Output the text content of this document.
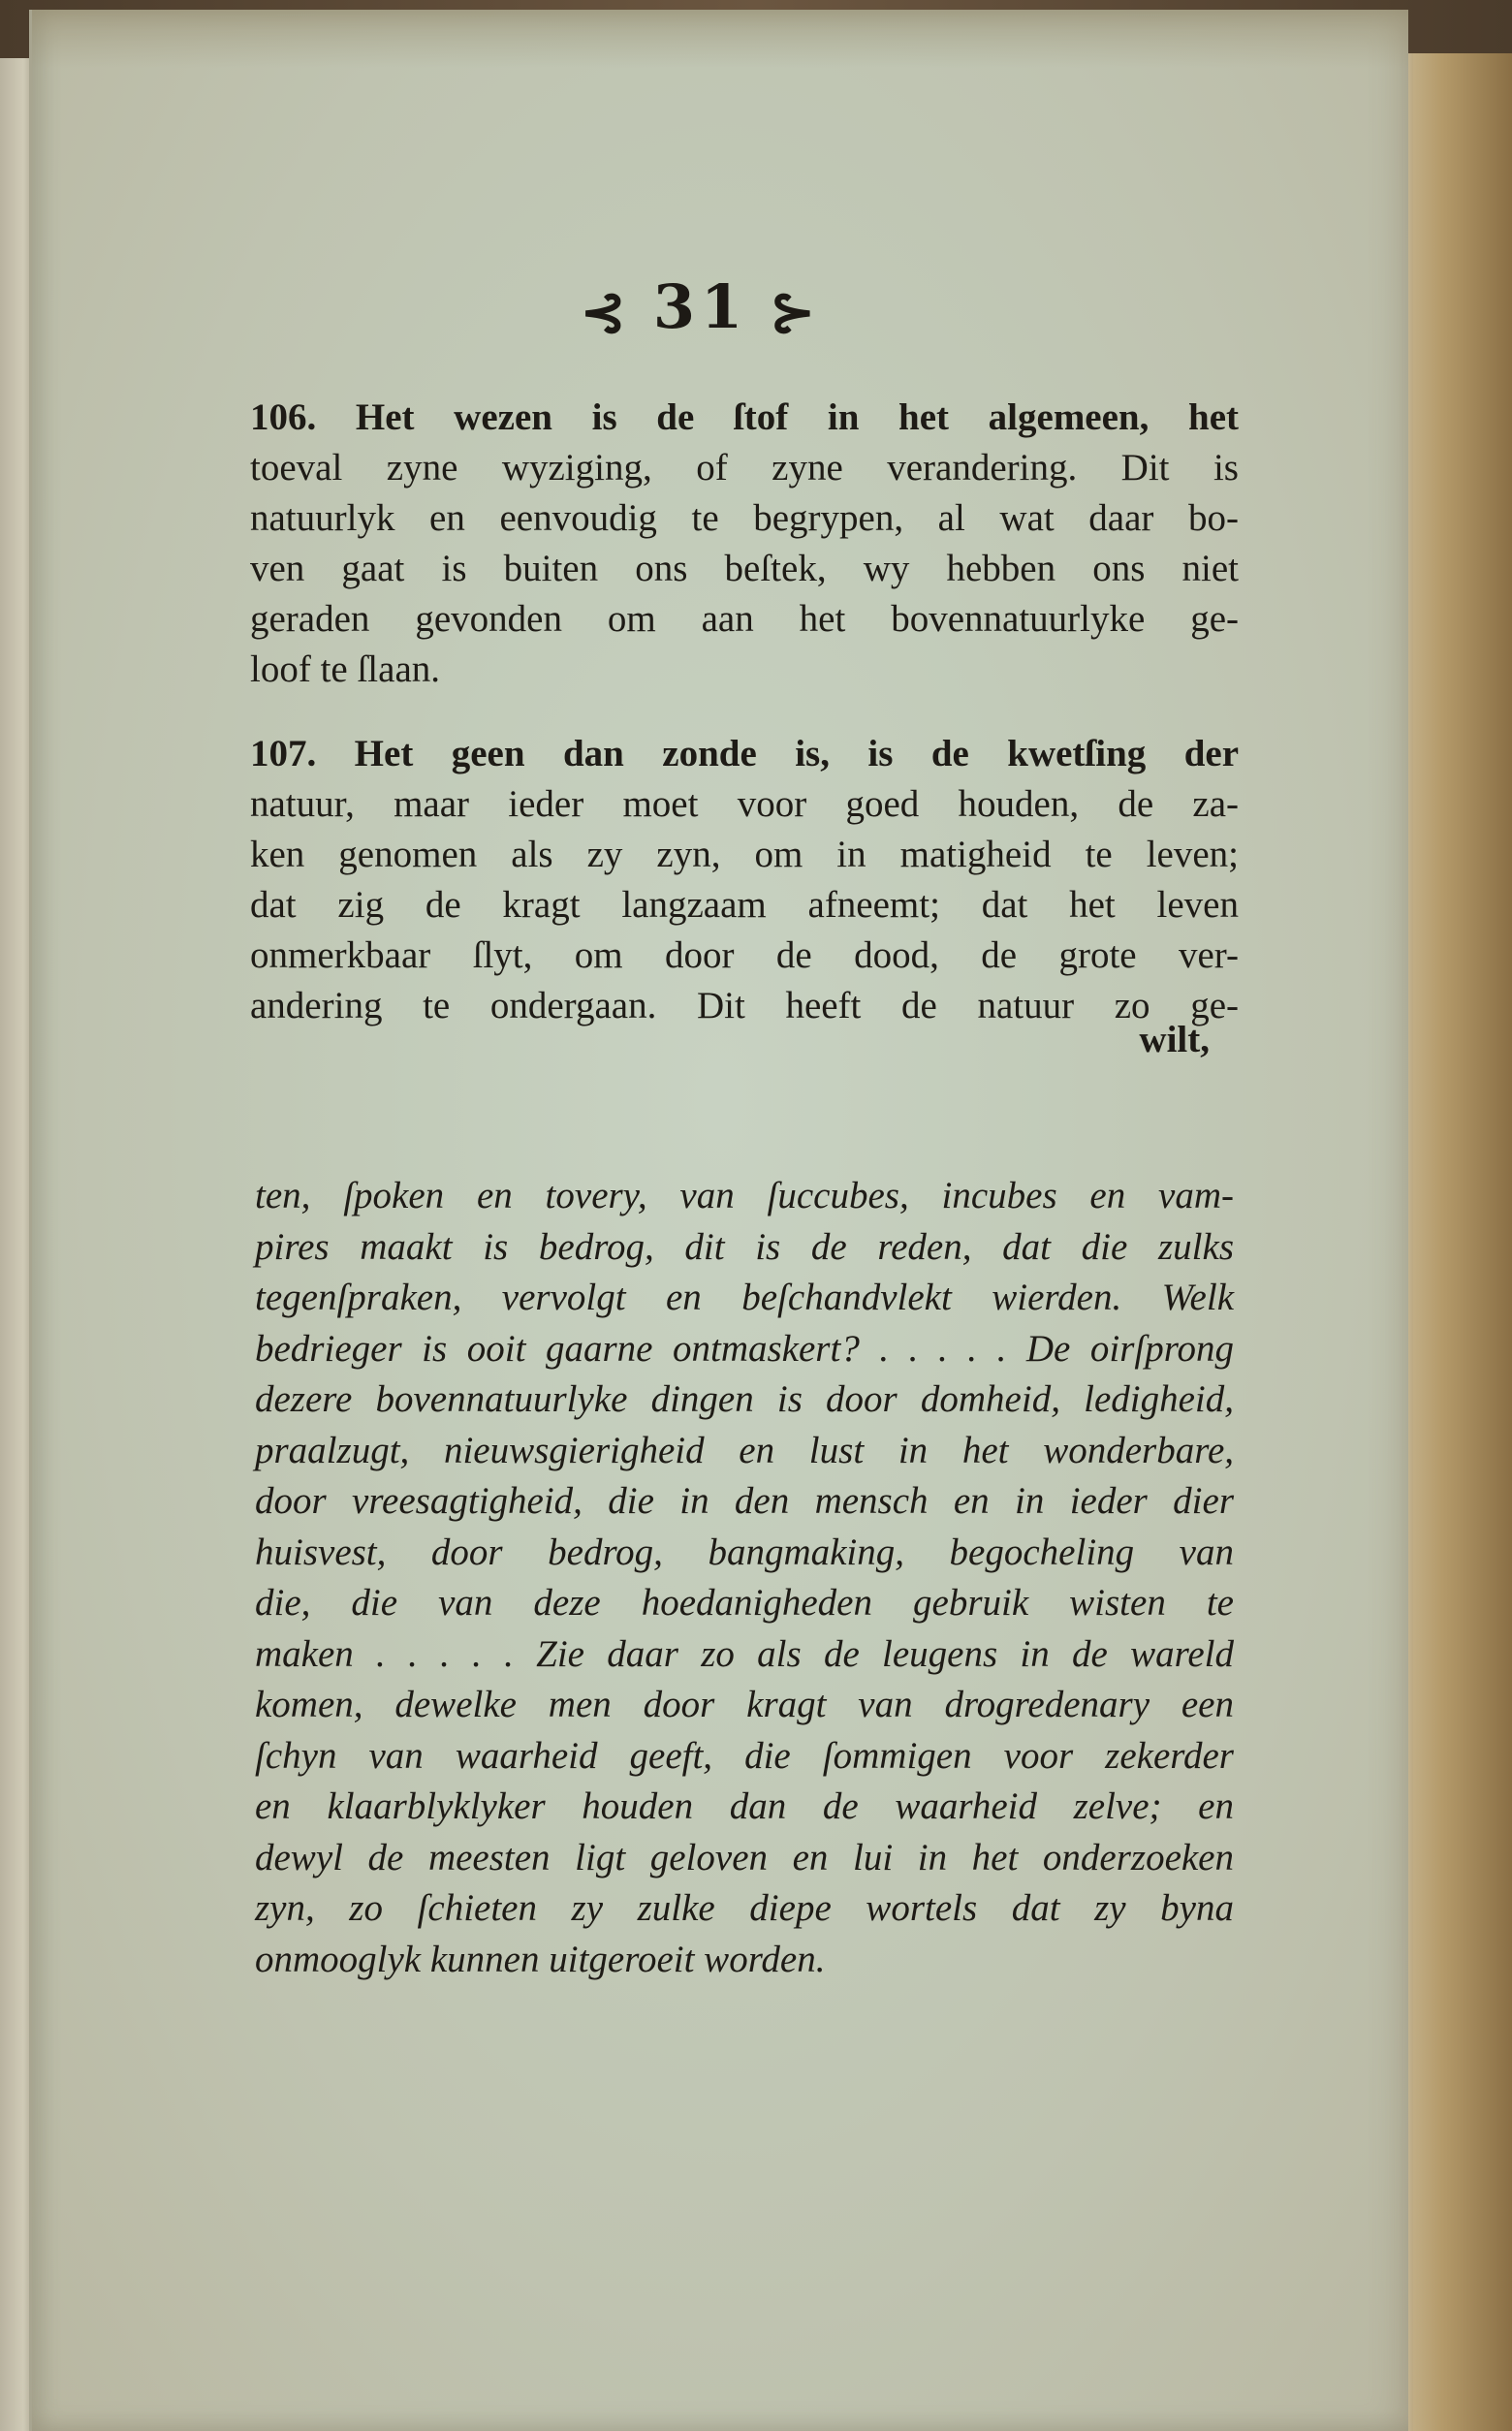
⊰ 31 ⊱
106. Het wezen is de ſtof in het algemeen, het
toeval zyne wyziging, of zyne verandering. Dit is
natuurlyk en eenvoudig te begrypen, al wat daar bo-
ven gaat is buiten ons beſtek, wy hebben ons niet
geraden gevonden om aan het bovennatuurlyke ge-
loof te ſlaan.
107. Het geen dan zonde is, is de kwetſing der
natuur, maar ieder moet voor goed houden, de za-
ken genomen als zy zyn, om in matigheid te leven;
dat zig de kragt langzaam afneemt; dat het leven
onmerkbaar ſlyt, om door de dood, de grote ver-
andering te ondergaan. Dit heeft de natuur zo ge-
wilt,
ten, ſpoken en tovery, van ſuccubes, incubes en vam-
pires maakt is bedrog, dit is de reden, dat die zulks
tegenſpraken, vervolgt en beſchandvlekt wierden. Welk
bedrieger is ooit gaarne ontmaskert? . . . . . De oirſprong
dezere bovennatuurlyke dingen is door domheid, ledigheid,
praalzugt, nieuwsgierigheid en lust in het wonderbare,
door vreesagtigheid, die in den mensch en in ieder dier
huisvest, door bedrog, bangmaking, begocheling van
die, die van deze hoedanigheden gebruik wisten te
maken . . . . . Zie daar zo als de leugens in de wareld
komen, dewelke men door kragt van drogredenary een
ſchyn van waarheid geeft, die ſommigen voor zekerder
en klaarblyklyker houden dan de waarheid zelve; en
dewyl de meesten ligt geloven en lui in het onderzoeken
zyn, zo ſchieten zy zulke diepe wortels dat zy byna
onmooglyk kunnen uitgeroeit worden.
